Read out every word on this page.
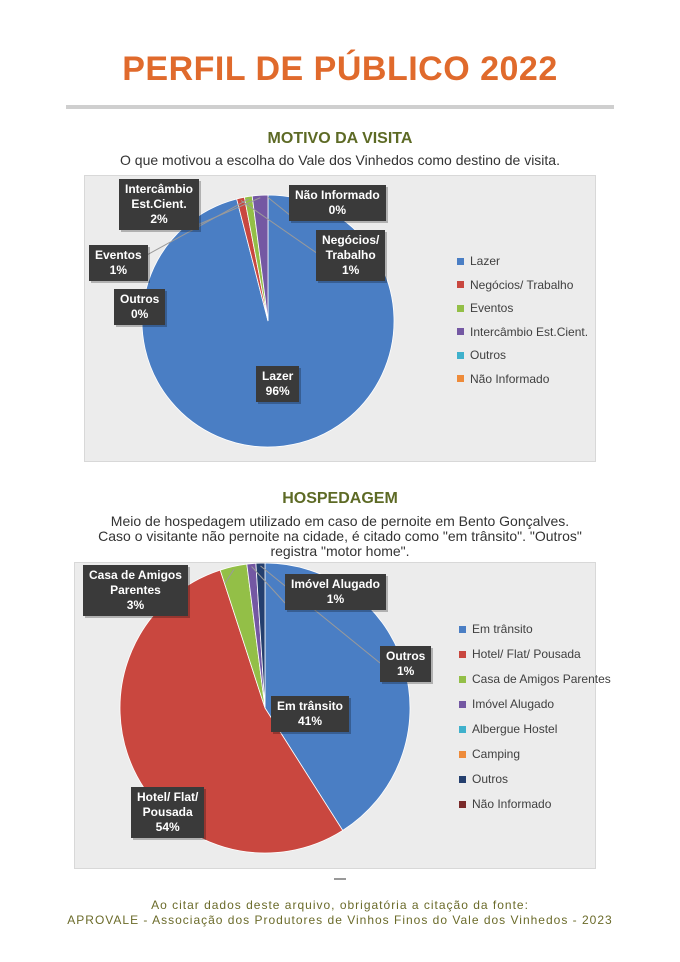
PERFIL DE PÚBLICO 2022
MOTIVO DA VISITA
O que motivou a escolha do Vale dos Vinhedos como destino de visita.
Lazer
Negócios/ Trabalho
Eventos
Intercâmbio Est.Cient.
Outros
Não Informado
Lazer
96%
Negócios/
Trabalho
1%
Eventos
1%
Intercâmbio
Est.Cient.
2%
Outros
0%
Não Informado
0%
HOSPEDAGEM
Meio de hospedagem utilizado em caso de pernoite em Bento Gonçalves.
Caso o visitante não pernoite na cidade, é citado como "em trânsito". "Outros"
registra "motor home".
Em trânsito
Hotel/ Flat/ Pousada
Casa de Amigos Parentes
Imóvel Alugado
Albergue Hostel
Camping
Outros
Não Informado
Em trânsito
41%
Hotel/ Flat/
Pousada
54%
Casa de Amigos
Parentes
3%
Imóvel Alugado
1%
Outros
1%
Ao citar dados deste arquivo, obrigatória a citação da fonte:
APROVALE - Associação dos Produtores de Vinhos Finos do Vale dos Vinhedos - 2023
